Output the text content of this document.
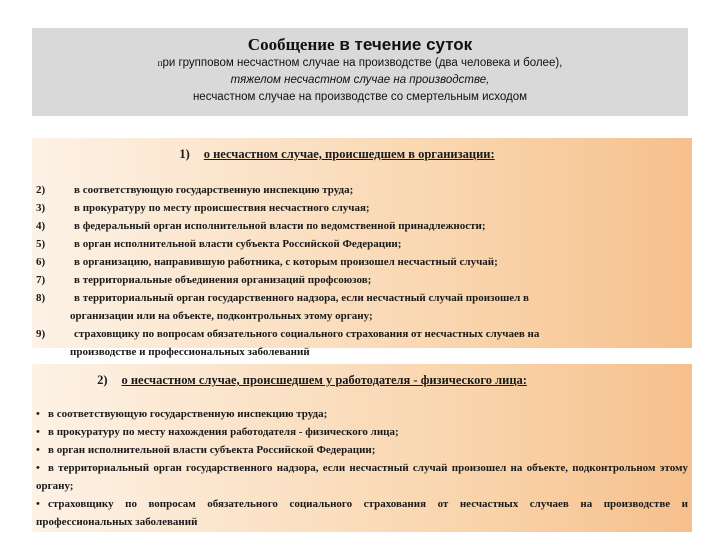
Сообщение в течение суток
при групповом несчастном случае на производстве (два человека и более),
тяжелом несчастном случае на производстве,
несчастном случае на производстве со смертельным исходом
1) о несчастном случае, происшедшем в организации:
2)	в соответствующую государственную инспекцию труда;
3)	в прокуратуру по месту происшествия несчастного случая;
4)	в федеральный орган исполнительной власти по ведомственной принадлежности;
5)	в орган исполнительной власти субъекта Российской Федерации;
6)	в организацию, направившую работника, с которым произошел несчастный случай;
7)	в территориальные объединения организаций профсоюзов;
8)	в территориальный орган государственного надзора, если несчастный случай произошел в
организации или на объекте, подконтрольных этому органу;
9)	страховщику по вопросам обязательного социального страхования от несчастных случаев на
производстве и профессиональных заболеваний
2) о несчастном случае, происшедшем у работодателя - физического лица:
• в соответствующую государственную инспекцию труда;
• в прокуратуру по месту нахождения работодателя - физического лица;
• в орган исполнительной власти субъекта Российской Федерации;
• в территориальный орган государственного надзора, если несчастный случай произошел на объекте, подконтрольном этому органу;
• страховщику по вопросам обязательного социального страхования от несчастных случаев на производстве и профессиональных заболеваний
